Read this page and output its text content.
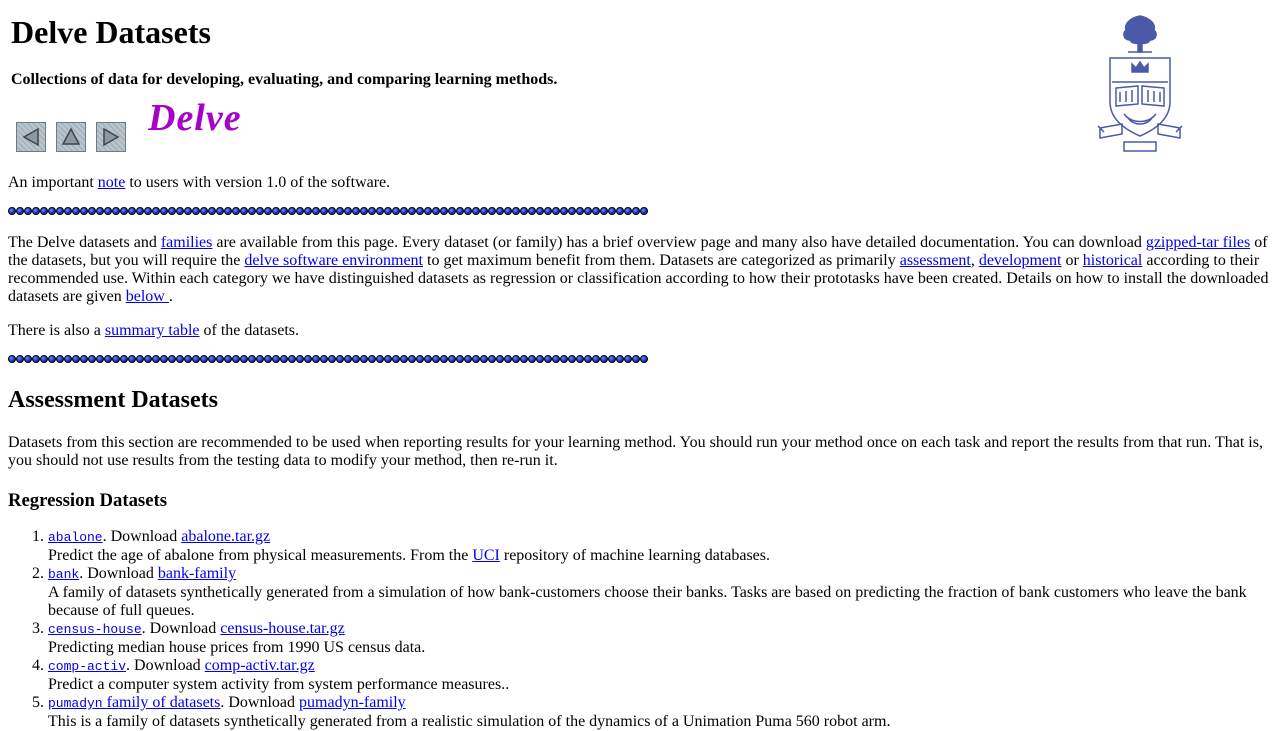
Delve Datasets

Collections of data for developing, evaluating, and comparing learning methods.

Delve

An important note to users with version 1.0 of the software.

The Delve datasets and families are available from this page. Every dataset (or family) has a brief overview page and many also have detailed documentation. You can download gzipped-tar files of the datasets, but you will require the delve software environment to get maximum benefit from them. Datasets are categorized as primarily assessment, development or historical according to their recommended use. Within each category we have distinguished datasets as regression or classification according to how their prototasks have been created. Details on how to install the downloaded datasets are given below .

There is also a summary table of the datasets.

Assessment Datasets

Datasets from this section are recommended to be used when reporting results for your learning method. You should run your method once on each task and report the results from that run. That is, you should not use results from the testing data to modify your method, then re-run it.

Regression Datasets
1. abalone. Download abalone.tar.gz
Predict the age of abalone from physical measurements. From the UCI repository of machine learning databases.
2. bank. Download bank-family
A family of datasets synthetically generated from a simulation of how bank-customers choose their banks. Tasks are based on predicting the fraction of bank customers who leave the bank because of full queues.
3. census-house. Download census-house.tar.gz
Predicting median house prices from 1990 US census data.
4. comp-activ. Download comp-activ.tar.gz
Predict a computer system activity from system performance measures..
5. pumadyn family of datasets. Download pumadyn-family
This is a family of datasets synthetically generated from a realistic simulation of the dynamics of a Unimation Puma 560 robot arm.
